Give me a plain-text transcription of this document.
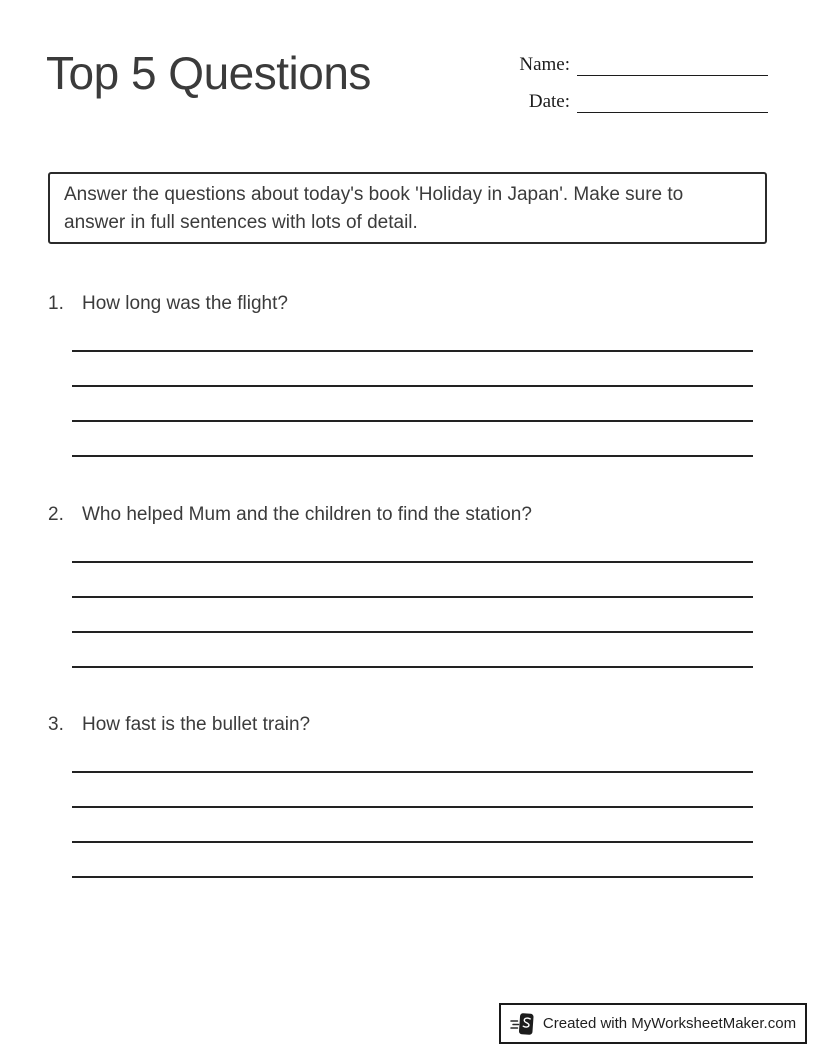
Top 5 Questions	Name:
Date:

Answer the questions about today's book 'Holiday in Japan'. Make sure to answer in full sentences with lots of detail.

1. How long was the flight?
2. Who helped Mum and the children to find the station?
3. How fast is the bullet train?
Created with MyWorksheetMaker.com
